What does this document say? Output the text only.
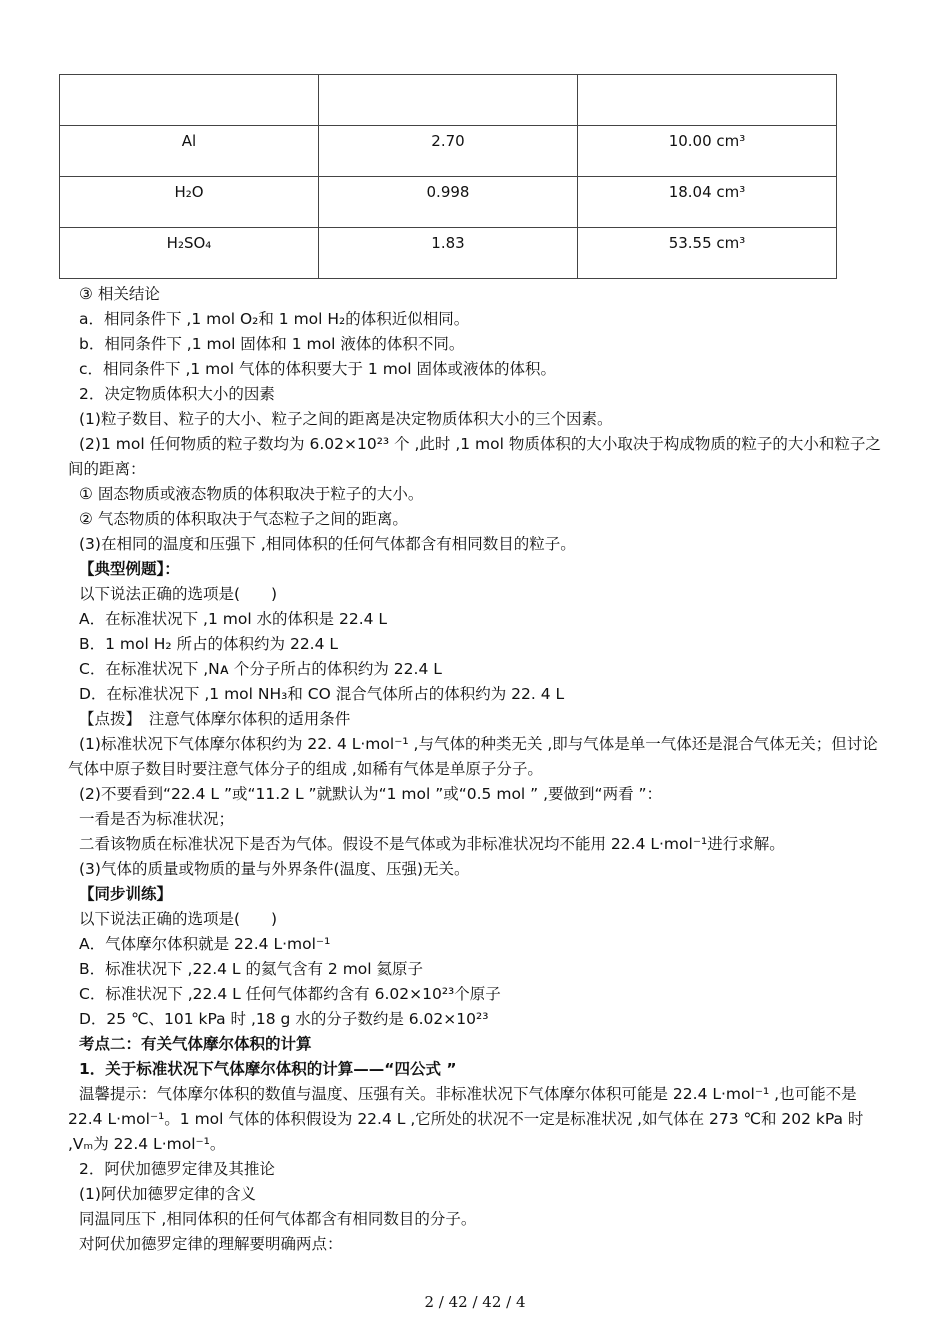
Al	2.70	10.00 cm³

H₂O	0.998	18.04 cm³

H₂SO₄	1.83	53.55 cm³

③ 相关结论

a．相同条件下 ,1 mol O₂和 1 mol H₂的体积近似相同。

b．相同条件下 ,1 mol 固体和 1 mol 液体的体积不同。

c．相同条件下 ,1 mol 气体的体积要大于 1 mol 固体或液体的体积。

2．决定物质体积大小的因素

(1)粒子数目、粒子的大小、粒子之间的距离是决定物质体积大小的三个因素。

(2)1 mol 任何物质的粒子数均为 6.02×10²³ 个 ,此时 ,1 mol 物质体积的大小取决于构成物质的粒子的大小和粒子之间的距离：

① 固态物质或液态物质的体积取决于粒子的大小。

② 气态物质的体积取决于气态粒子之间的距离。

(3)在相同的温度和压强下 ,相同体积的任何气体都含有相同数目的粒子。

【典型例题】：

以下说法正确的选项是(　　)

A．在标准状况下 ,1 mol 水的体积是 22.4 L

B．1 mol H₂ 所占的体积约为 22.4 L

C．在标准状况下 ,Nᴀ 个分子所占的体积约为 22.4 L

D．在标准状况下 ,1 mol NH₃和 CO 混合气体所占的体积约为 22. 4 L

【点拨】　注意气体摩尔体积的适用条件

(1)标准状况下气体摩尔体积约为 22. 4 L·mol⁻¹ ,与气体的种类无关 ,即与气体是单一气体还是混合气体无关；但讨论气体中原子数目时要注意气体分子的组成 ,如稀有气体是单原子分子。

(2)不要看到“22.4 L ”或“11.2 L ”就默认为“1 mol ”或“0.5 mol ” ,要做到“两看 ”：

一看是否为标准状况；

二看该物质在标准状况下是否为气体。假设不是气体或为非标准状况均不能用 22.4 L·mol⁻¹进行求解。

(3)气体的质量或物质的量与外界条件(温度、压强)无关。

【同步训练】

以下说法正确的选项是(　　)

A．气体摩尔体积就是 22.4 L·mol⁻¹

B．标准状况下 ,22.4 L 的氦气含有 2 mol 氦原子

C．标准状况下 ,22.4 L 任何气体都约含有 6.02×10²³个原子

D．25 ℃、101 kPa 时 ,18 g 水的分子数约是 6.02×10²³

考点二：有关气体摩尔体积的计算

1．关于标准状况下气体摩尔体积的计算——“四公式 ”

温馨提示：气体摩尔体积的数值与温度、压强有关。非标准状况下气体摩尔体积可能是 22.4 L·mol⁻¹ ,也可能不是 22.4 L·mol⁻¹。1 mol 气体的体积假设为 22.4 L ,它所处的状况不一定是标准状况 ,如气体在 273 ℃和 202 kPa 时 ,Vₘ为 22.4 L·mol⁻¹。

2．阿伏加德罗定律及其推论

(1)阿伏加德罗定律的含义

同温同压下 ,相同体积的任何气体都含有相同数目的分子。

对阿伏加德罗定律的理解要明确两点：

2 / 42 / 42 / 4
